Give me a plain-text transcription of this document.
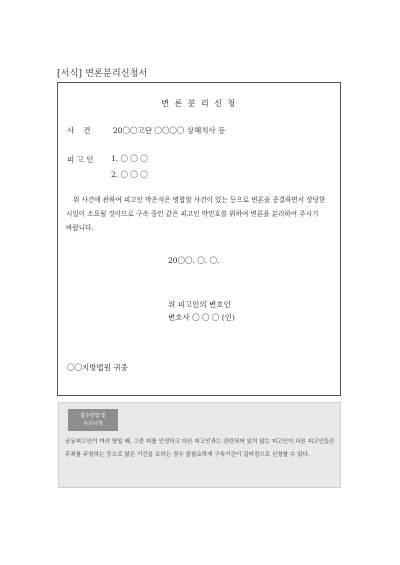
[서식] 변론분리신청서
변 론 분 리 신 청
사건 20〇〇고단 〇〇〇〇 상해치사 등
피 고 인 1. 〇 〇 〇
2. 〇 〇 〇
위 사건에 관하여 피고인 박은석은 병합할 사건이 있는 등으로 변론을 종결하면서 상당한 시일이 소요될 것이므로 구속 중인 같은 피고인 박민호를 위하여 변론을 분리하여 주시기 바랍니다.
20〇〇. 〇. 〇.
위 피고인의 변호인
변호사 〇 〇 〇 (인)
〇〇지방법원 귀중
접수방법 및
유의사항
공동피고인이 여러 명일 때, 그중 피를 인정하고 다른 피고인과는 관련되어 있지 않는 피고인이 다른 피고인들은 무죄를 주장하는 등으로 많은 기간을 요하는 경우 불필요하게 구속기간이 길어짐으로 신청할 수 있다.
